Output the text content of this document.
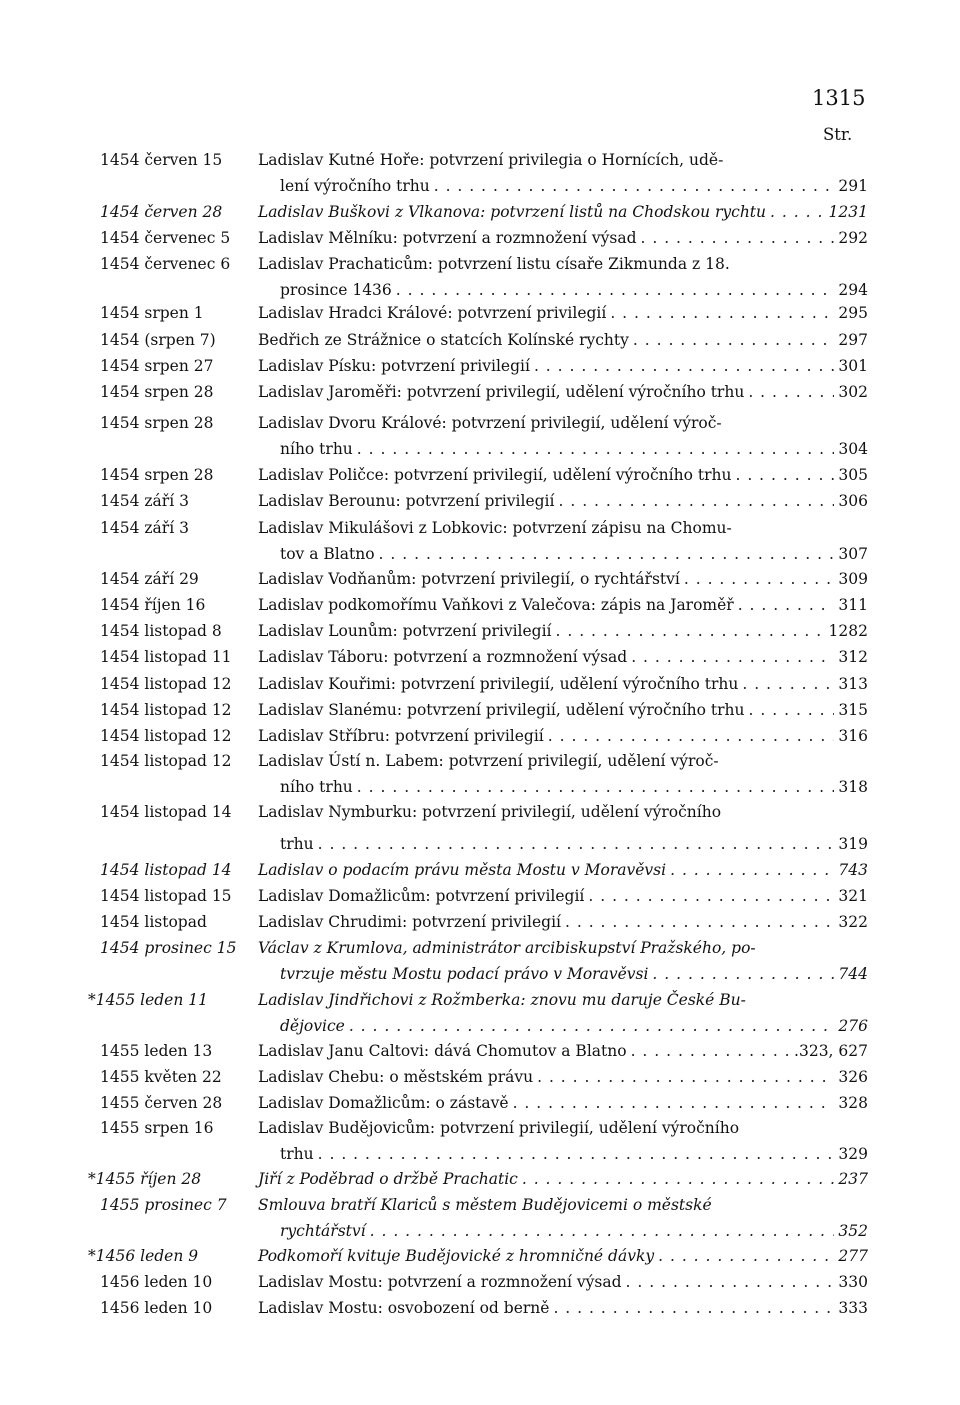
1315
Str.
1454 červen 15 Ladislav Kutné Hoře: potvrzení privilegia o Hornících, udě-
lení výročního trhu . . .	291
1454 červen 28 Ladislav Buškovi z Vlkanova: potvrzení listů na Chodskou rychtu . . .	1231
1454 červenec 5 Ladislav Mělníku: potvrzení a rozmnožení výsad . . .	292
1454 červenec 6 Ladislav Prachaticům: potvrzení listu císaře Zikmunda z 18.
prosince 1436 . . .	294
1454 srpen 1	Ladislav Hradci Králové: potvrzení privilegií . . .	295
1454 (srpen 7)	Bedřich ze Strážnice o statcích Kolínské rychty . . .	297
1454 srpen 27	Ladislav Písku: potvrzení privilegií . . .	301
1454 srpen 28	Ladislav Jaroměři: potvrzení privilegií, udělení výročního trhu . . .	302
1454 srpen 28	Ladislav Dvoru Králové: potvrzení privilegií, udělení výroč-
ního trhu . . .	304
1454 srpen 28	Ladislav Poličce: potvrzení privilegií, udělení výročního trhu . . .	305
1454 září 3	Ladislav Berounu: potvrzení privilegií . . .	306
1454 září 3	Ladislav Mikulášovi z Lobkovic: potvrzení zápisu na Chomu-
tov a Blatno . . .	307
1454 září 29	Ladislav Vodňanům: potvrzení privilegií, o rychtářství . . .	309
1454 říjen 16	Ladislav podkomořímu Vaňkovi z Valečova: zápis na Jaroměř . . .	311
1454 listopad 8 Ladislav Lounům: potvrzení privilegií . . .	1282
1454 listopad 11 Ladislav Táboru: potvrzení a rozmnožení výsad . . .	312
1454 listopad 12 Ladislav Kouřimi: potvrzení privilegií, udělení výročního trhu . . .	313
1454 listopad 12 Ladislav Slanému: potvrzení privilegií, udělení výročního trhu . . .	315
1454 listopad 12 Ladislav Stříbru: potvrzení privilegií . . .	316
1454 listopad 12 Ladislav Ústí n. Labem: potvrzení privilegií, udělení výroč-
ního trhu . . .	318
1454 listopad 14 Ladislav Nymburku: potvrzení privilegií, udělení výročního
trhu . . .	319
1454 listopad 14 Ladislav o podacím právu města Mostu v Moravěvsi . . .	743
1454 listopad 15 Ladislav Domažlicům: potvrzení privilegií . . .	321
1454 listopad	Ladislav Chrudimi: potvrzení privilegií . . .	322
1454 prosinec 15 Václav z Krumlova, administrátor arcibiskupství Pražského, po-
tvrzuje městu Mostu podací právo v Moravěvsi . . .	744
*1455 leden 11	Ladislav Jindřichovi z Rožmberka: znovu mu daruje České Bu-
dějovice . . .	276
1455 leden 13	Ladislav Janu Caltovi: dává Chomutov a Blatno . . .	.323, 627
1455 květen 22 Ladislav Chebu: o městském právu . . .	326
1455 červen 28 Ladislav Domažlicům: o zástavě . . .	328
1455 srpen 16	Ladislav Budějovicům: potvrzení privilegií, udělení výročního
trhu . . .	329
*1455 říjen 28	Jiří z Poděbrad o držbě Prachatic . . .	237
1455 prosinec 7 Smlouva bratří Klariců s městem Budějovicemi o městské
rychtářství . . .	352
*1456 leden 9	Podkomoří kvituje Budějovické z hromničné dávky . . .	277
1456 leden 10	Ladislav Mostu: potvrzení a rozmnožení výsad . . .	330
1456 leden 10	Ladislav Mostu: osvobození od berně . . .	333
